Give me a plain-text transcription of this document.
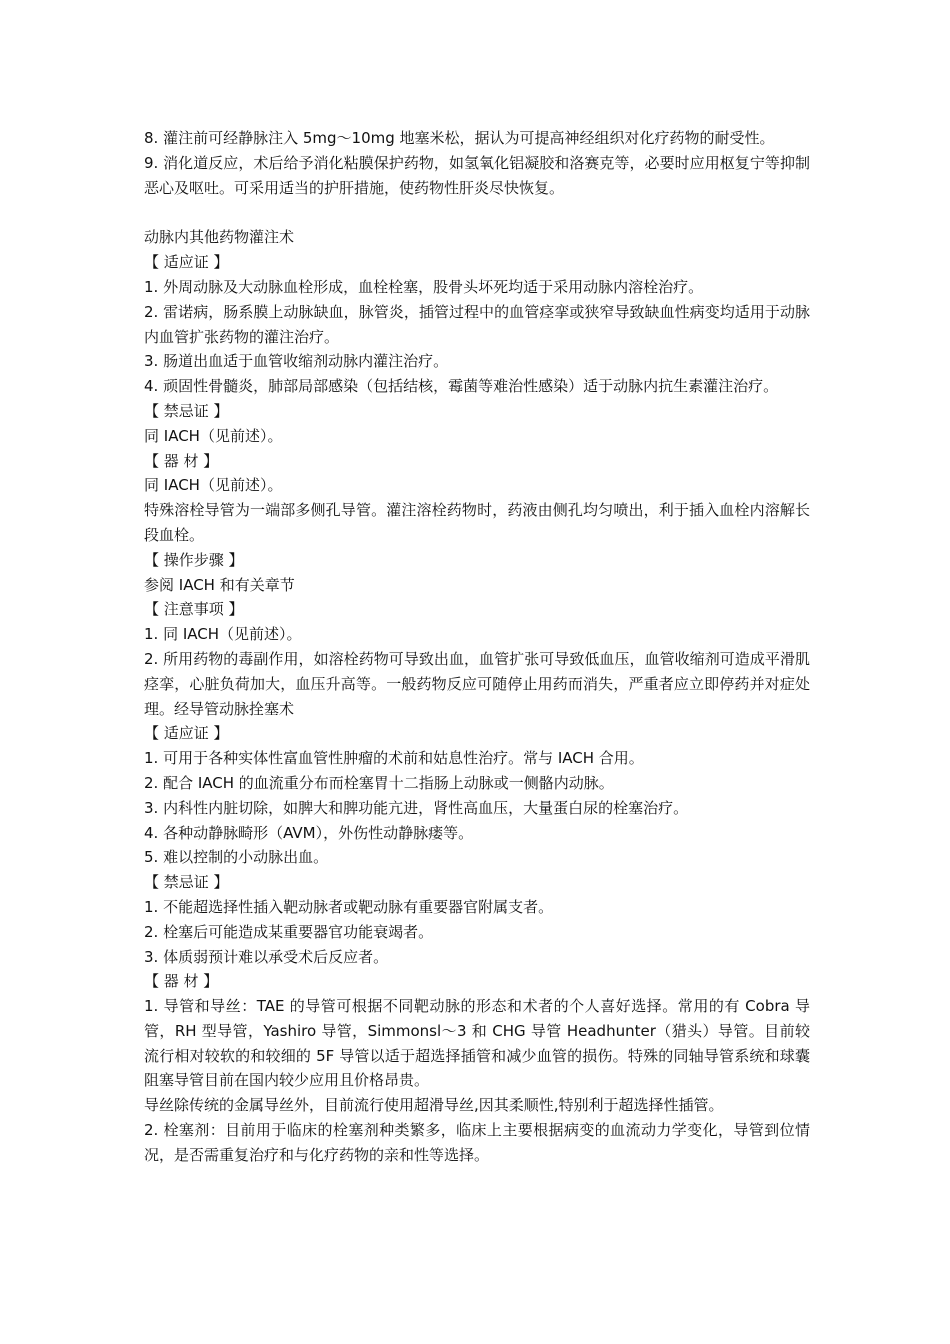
8. 灌注前可经静脉注入 5mg～10mg 地塞米松，据认为可提高神经组织对化疗药物的耐受性。

9. 消化道反应，术后给予消化粘膜保护药物，如氢氧化铝凝胶和洛赛克等，必要时应用枢复宁等抑制恶心及呕吐。可采用适当的护肝措施，使药物性肝炎尽快恢复。

动脉内其他药物灌注术

【 适应证 】

1. 外周动脉及大动脉血栓形成，血栓栓塞，股骨头坏死均适于采用动脉内溶栓治疗。

2. 雷诺病，肠系膜上动脉缺血，脉管炎，插管过程中的血管痉挛或狭窄导致缺血性病变均适用于动脉内血管扩张药物的灌注治疗。

3. 肠道出血适于血管收缩剂动脉内灌注治疗。

4. 顽固性骨髓炎，肺部局部感染（包括结核，霉菌等难治性感染）适于动脉内抗生素灌注治疗。

【 禁忌证 】

同 IACH（见前述）。

【 器 材 】

同 IACH（见前述）。

特殊溶栓导管为一端部多侧孔导管。灌注溶栓药物时，药液由侧孔均匀喷出，利于插入血栓内溶解长段血栓。

【 操作步骤 】

参阅 IACH 和有关章节

【 注意事项 】

1. 同 IACH（见前述）。

2. 所用药物的毒副作用，如溶栓药物可导致出血，血管扩张可导致低血压，血管收缩剂可造成平滑肌痉挛，心脏负荷加大，血压升高等。一般药物反应可随停止用药而消失，严重者应立即停药并对症处理。经导管动脉拴塞术

【 适应证 】

1. 可用于各种实体性富血管性肿瘤的术前和姑息性治疗。常与 IACH 合用。

2. 配合 IACH 的血流重分布而栓塞胃十二指肠上动脉或一侧骼内动脉。

3. 内科性内脏切除，如脾大和脾功能亢进，肾性高血压，大量蛋白尿的栓塞治疗。

4. 各种动静脉畸形（AVM），外伤性动静脉瘘等。

5. 难以控制的小动脉出血。

【 禁忌证 】

1. 不能超选择性插入靶动脉者或靶动脉有重要器官附属支者。

2. 栓塞后可能造成某重要器官功能衰竭者。

3. 体质弱预计难以承受术后反应者。

【 器 材 】

1. 导管和导丝：TAE 的导管可根据不同靶动脉的形态和术者的个人喜好选择。常用的有 Cobra 导管，RH 型导管，Yashiro 导管，Simmonsl～3 和 CHG 导管 Headhunter（猎头）导管。目前较流行相对较软的和较细的 5F 导管以适于超选择插管和减少血管的损伤。特殊的同轴导管系统和球囊阻塞导管目前在国内较少应用且价格昂贵。

导丝除传统的金属导丝外，目前流行使用超滑导丝,因其柔顺性,特别利于超选择性插管。

2. 栓塞剂：目前用于临床的栓塞剂种类繁多，临床上主要根据病变的血流动力学变化，导管到位情况，是否需重复治疗和与化疗药物的亲和性等选择。
